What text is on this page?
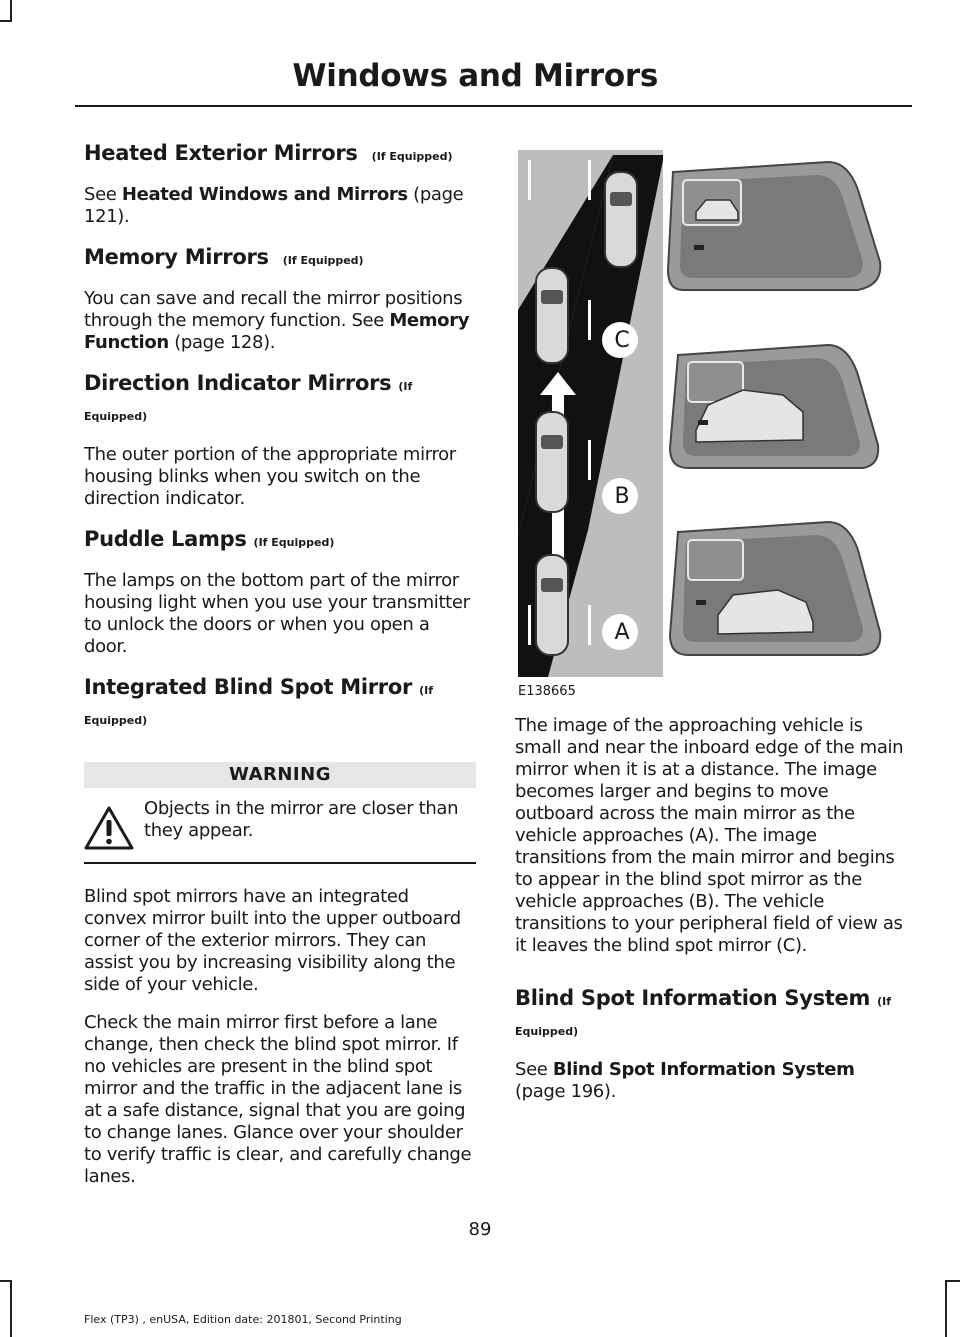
Windows and Mirrors
Heated Exterior Mirrors (If Equipped)

See Heated Windows and Mirrors (page 121).

Memory Mirrors (If Equipped)

You can save and recall the mirror positions through the memory function. See Memory Function (page 128).

Direction Indicator Mirrors (If Equipped)

The outer portion of the appropriate mirror housing blinks when you switch on the direction indicator.

Puddle Lamps (If Equipped)

The lamps on the bottom part of the mirror housing light when you use your transmitter to unlock the doors or when you open a door.

Integrated Blind Spot Mirror (If
Equipped)
WARNING
Objects in the mirror are closer than they appear.

Blind spot mirrors have an integrated convex mirror built into the upper outboard corner of the exterior mirrors. They can assist you by increasing visibility along the side of your vehicle.

Check the main mirror first before a lane change, then check the blind spot mirror. If no vehicles are present in the blind spot mirror and the traffic in the adjacent lane is at a safe distance, signal that you are going to change lanes. Glance over your shoulder to verify traffic is clear, and carefully change lanes.

C
B
A
E138665

The image of the approaching vehicle is small and near the inboard edge of the main mirror when it is at a distance. The image becomes larger and begins to move outboard across the main mirror as the vehicle approaches (A). The image transitions from the main mirror and begins to appear in the blind spot mirror as the vehicle approaches (B). The vehicle transitions to your peripheral field of view as it leaves the blind spot mirror (C).

Blind Spot Information System (If
Equipped)

See Blind Spot Information System (page 196).

89
Flex (TP3) , enUSA, Edition date: 201801, Second Printing
